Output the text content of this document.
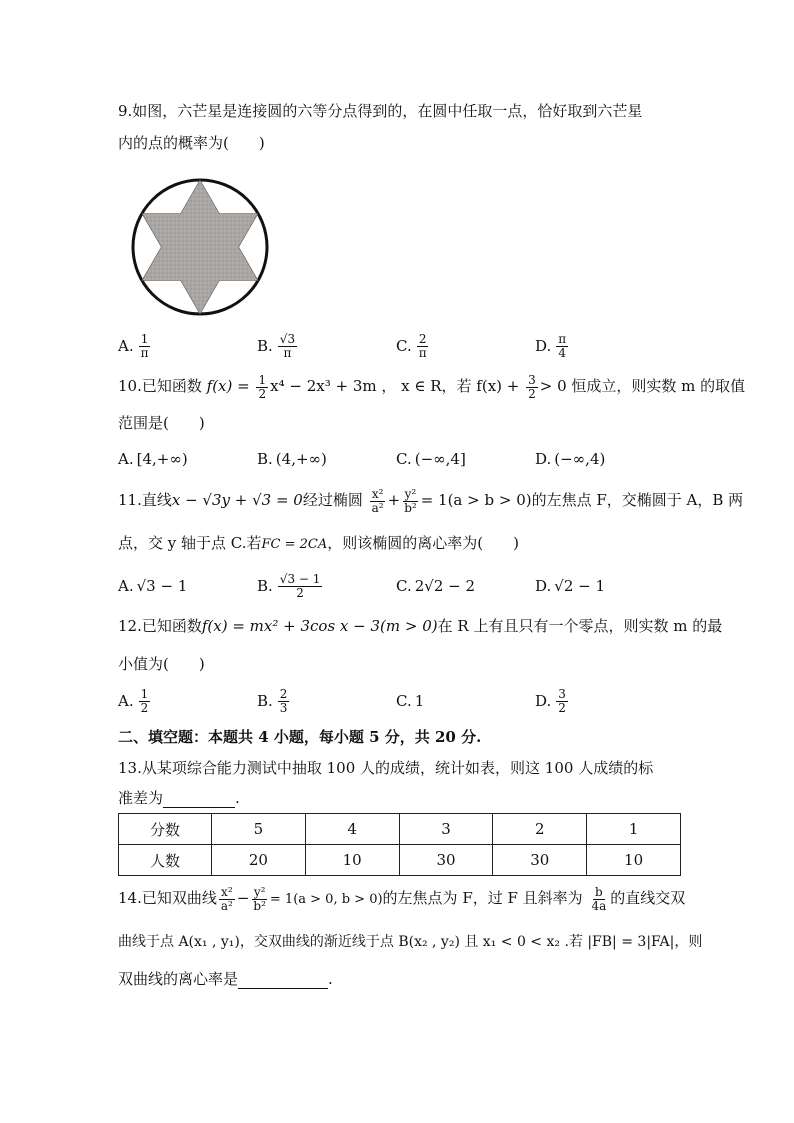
9.如图，六芒星是连接圆的六等分点得到的，在圆中任取一点，恰好取到六芒星
内的点的概率为(　　)
A. $\frac{1}{\pi}$	B. $\frac{√3}{\pi}$	C. $\frac{2}{\pi}$	D. $\frac{\pi}{4}$
10.已知函数 $f(x) = \frac{1}{2} x^4 - 2x^3 + 3m$ ， x ∈ R，若 $f(x) + \frac{3}{2} > 0$ 恒成立，则实数 m 的取值
范围是(　　)
A. [4,+∞)	B. (4,+∞)	C. (−∞,4]	D. (−∞,4)
11.直线x − √3y + √3 = 0经过椭圆 $\frac{\text{x²}}{\text{a²}} + \frac{\text{y²}}{\text{b²}} = 1(a > b > 0)$的左焦点 F，交椭圆于 A，B 两
点，交 y 轴于点 C.若FC = 2CA，则该椭圆的离心率为(　　)
A. √3 − 1	B. $\frac{√3 - 1}{2}$	C. 2√2 − 2	D. √2 − 1
12.已知函数f(x) = mx² + 3cos x − 3(m > 0)在 R 上有且只有一个零点，则实数 m 的最
小值为(　　)
A. $\frac{1}{2}$	B. $\frac{2}{3}$	C. 1	D. $\frac{3}{2}$
二、填空题：本题共 4 小题，每小题 5 分，共 20 分.
13.从某项综合能力测试中抽取 100 人的成绩，统计如表，则这 100 人成绩的标
准差为	.
分数	5	4	3	2	1
人数	20	10	30	30	10
14.已知双曲线 $\frac{\text{x²}}{\text{a²}} - \frac{\text{y²}}{\text{b²}} = 1(a > 0$, b > 0)的左焦点为 F，过 F 且斜率为 $\frac{b}{4a}$ 的直线交双
曲线于点 A(x₁ , y₁)，交双曲线的渐近线于点 B(x₂ , y₂) 且 x₁ < 0 < x₂ .若 |FB| = 3|FA|，则
双曲线的离心率是	.
